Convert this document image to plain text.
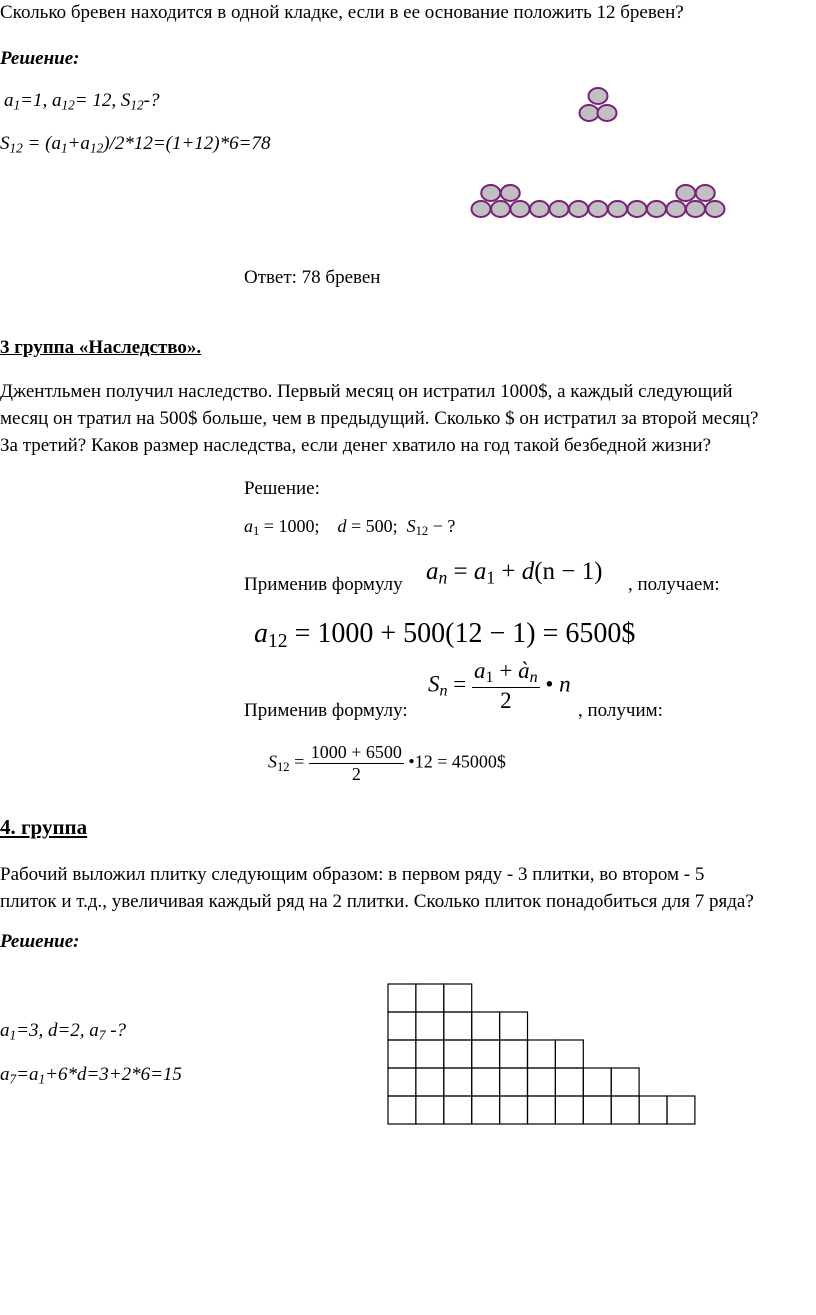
Сколько бревен находится в одной кладке, если в ее основание положить 12 бревен?
Решение:
$a_1=1$, $a_{12}= 12$, $S_{12}-$?
$S_{12} = (a_1+a_{12})/2*12=(1+12)*6=78$
Ответ: 78 бревен
3 группа «Наследство».
Джентльмен получил наследство. Первый месяц он истратил 1000$, а каждый следующий
месяц он тратил на 500$ больше, чем в предыдущий. Сколько $ он истратил за второй месяц?
За третий? Каков размер наследства, если денег хватило на год такой безбедной жизни?
Решение:
$a_1 = 1000$; d = 500; $S_{12}$ − ?
Применив формулу $a_n = a_1 + d(n - 1)$ , получаем:
$a_{12} = 1000 + 500(12 - 1)$ = 6500$
Применив формулу:
$S_n = \frac{a_1 + à_n}{2}$ • n
, получим:
$S_{12} = \frac{1000 + 6500}{2}$ •12 = 45000$
4. группа
Рабочий выложил плитку следующим образом: в первом ряду - 3 плитки, во втором - 5
плиток и т.д., увеличивая каждый ряд на 2 плитки. Сколько плиток понадобиться для 7 ряда?
Решение:
$a_1=3$, d=2, $a_7$ -?
$a_7=a_1+6*d=3+2*6=15$
